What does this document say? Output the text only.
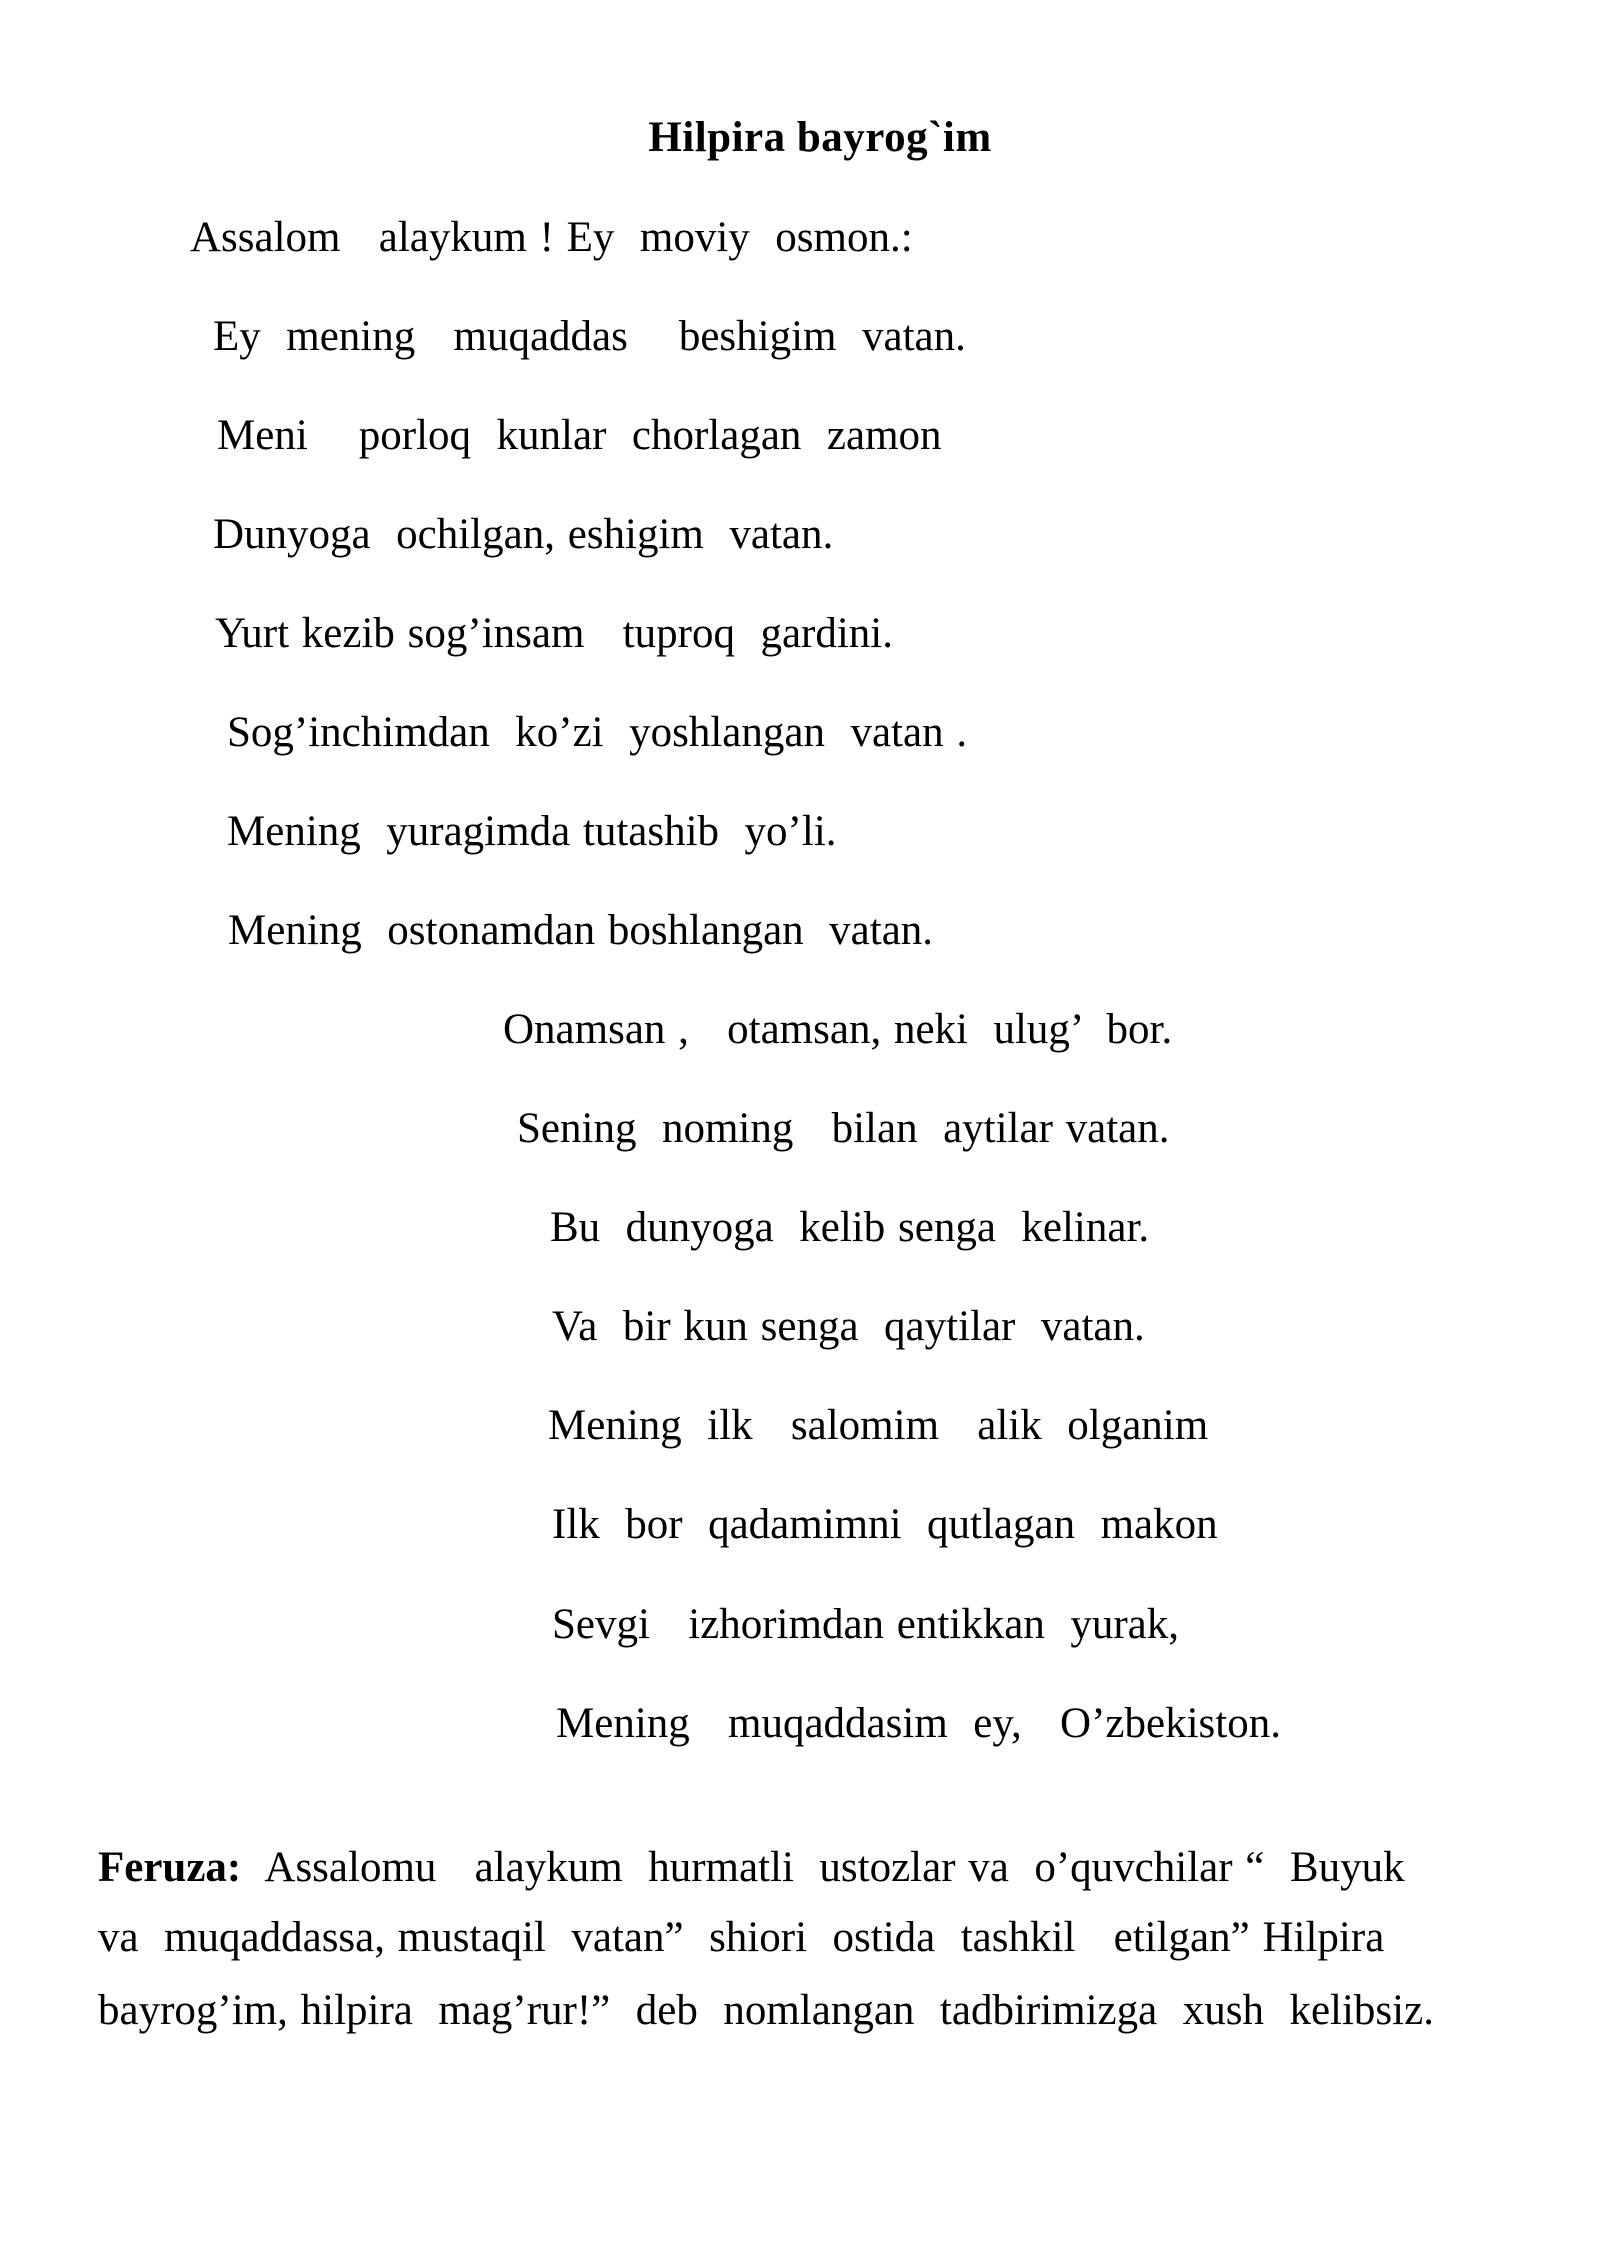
Hilpira bayrog`im
Assalom   alaykum ! Ey  moviy  osmon.:
Ey  mening   muqaddas    beshigim  vatan.
Meni    porloq  kunlar  chorlagan  zamon
Dunyoga  ochilgan, eshigim  vatan.
Yurt kezib sog’insam   tuproq  gardini.
Sog’inchimdan  ko’zi  yoshlangan  vatan .
Mening  yuragimda tutashib  yo’li.
Mening  ostonamdan boshlangan  vatan.
Onamsan ,   otamsan, neki  ulug’  bor.
Sening  noming   bilan  aytilar vatan.
Bu  dunyoga  kelib senga  kelinar.
Va  bir kun senga  qaytilar  vatan.
Mening  ilk   salomim   alik  olganim
Ilk  bor  qadamimni  qutlagan  makon
Sevgi   izhorimdan entikkan  yurak,
Mening   muqaddasim  ey,   O’zbekiston.

Feruza:  Assalomu   alaykum  hurmatli  ustozlar va  o’quvchilar “  Buyuk

va  muqaddassa, mustaqil  vatan”  shiori  ostida  tashkil   etilgan” Hilpira

bayrog’im, hilpira  mag’rur!”  deb  nomlangan  tadbirimizga  xush  kelibsiz.
